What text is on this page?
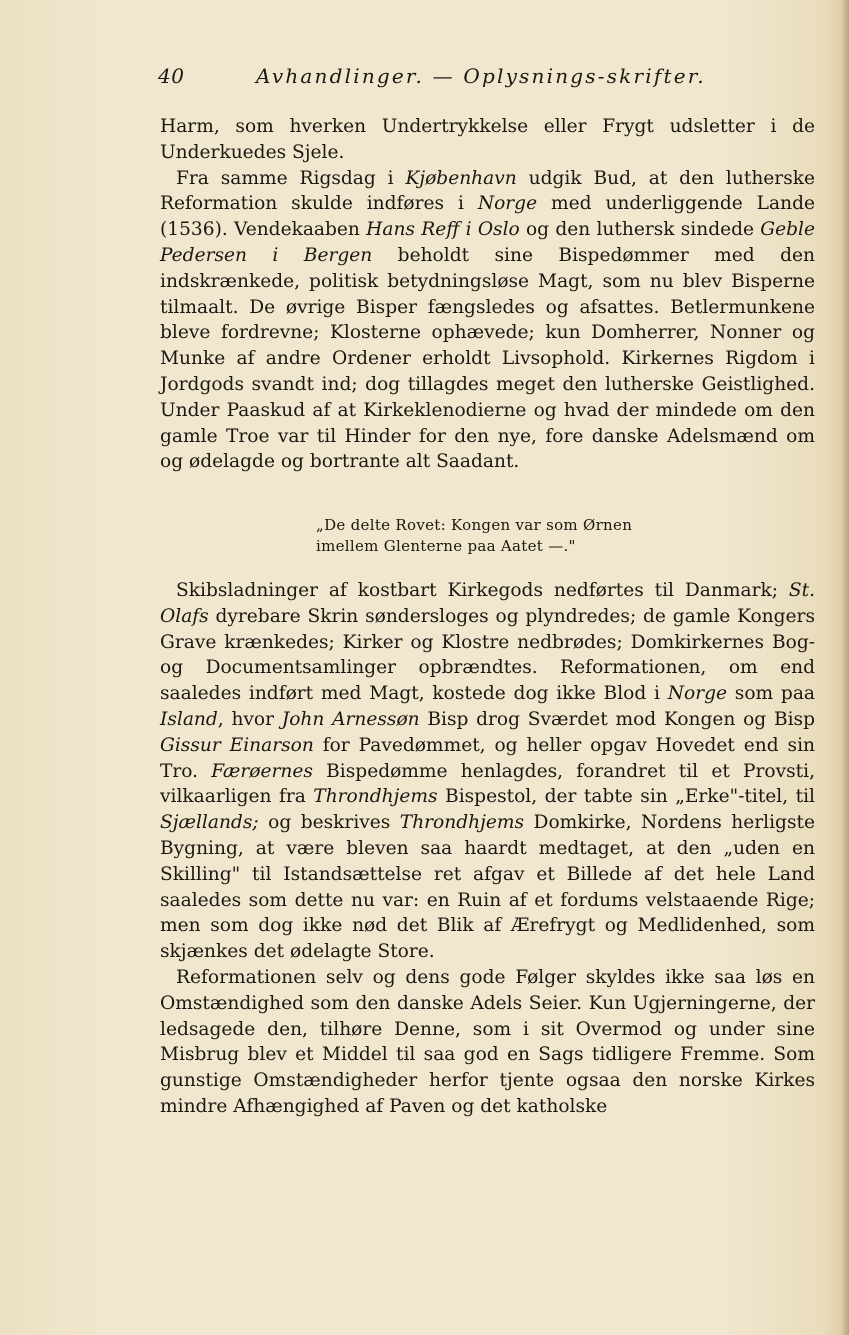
40	Avhandlinger. — Oplysnings-skrifter.

Harm, som hverken Undertrykkelse eller Frygt udsletter i de Underkuedes Sjele.

Fra samme Rigsdag i Kjøbenhavn udgik Bud, at den lutherske Reformation skulde indføres i Norge med underliggende Lande (1536). Vendekaaben Hans Reff i Oslo og den luthersk sindede Geble Pedersen i Bergen beholdt sine Bispedømmer med den indskrænkede, politisk betydningsløse Magt, som nu blev Bisperne tilmaalt. De øvrige Bisper fængsledes og afsattes. Betlermunkene bleve fordrevne; Klosterne ophævede; kun Domherrer, Nonner og Munke af andre Ordener erholdt Livsophold. Kirkernes Rigdom i Jordgods svandt ind; dog tillagdes meget den lutherske Geistlighed. Under Paaskud af at Kirkeklenodierne og hvad der mindede om den gamle Troe var til Hinder for den nye, fore danske Adelsmænd om og ødelagde og bortrante alt Saadant.

„De delte Rovet: Kongen var som Ørnen

imellem Glenterne paa Aatet —."

Skibsladninger af kostbart Kirkegods nedførtes til Danmark; St. Olafs dyrebare Skrin søndersloges og plyndredes; de gamle Kongers Grave krænkedes; Kirker og Klostre nedbrødes; Domkirkernes Bog- og Documentsamlinger opbrændtes. Reformationen, om end saaledes indført med Magt, kostede dog ikke Blod i Norge som paa Island, hvor John Arnessøn Bisp drog Sværdet mod Kongen og Bisp Gissur Einarson for Pavedømmet, og heller opgav Hovedet end sin Tro. Færøernes Bispedømme henlagdes, forandret til et Provsti, vilkaarligen fra Throndhjems Bispestol, der tabte sin „Erke"-titel, til Sjællands; og beskrives Throndhjems Domkirke, Nordens herligste Bygning, at være bleven saa haardt medtaget, at den „uden en Skilling" til Istandsættelse ret afgav et Billede af det hele Land saaledes som dette nu var: en Ruin af et fordums velstaaende Rige; men som dog ikke nød det Blik af Ærefrygt og Medlidenhed, som skjænkes det ødelagte Store.

Reformationen selv og dens gode Følger skyldes ikke saa løs en Omstændighed som den danske Adels Seier. Kun Ugjerningerne, der ledsagede den, tilhøre Denne, som i sit Overmod og under sine Misbrug blev et Middel til saa god en Sags tidligere Fremme. Som gunstige Omstændigheder herfor tjente ogsaa den norske Kirkes mindre Afhængighed af Paven og det katholske
